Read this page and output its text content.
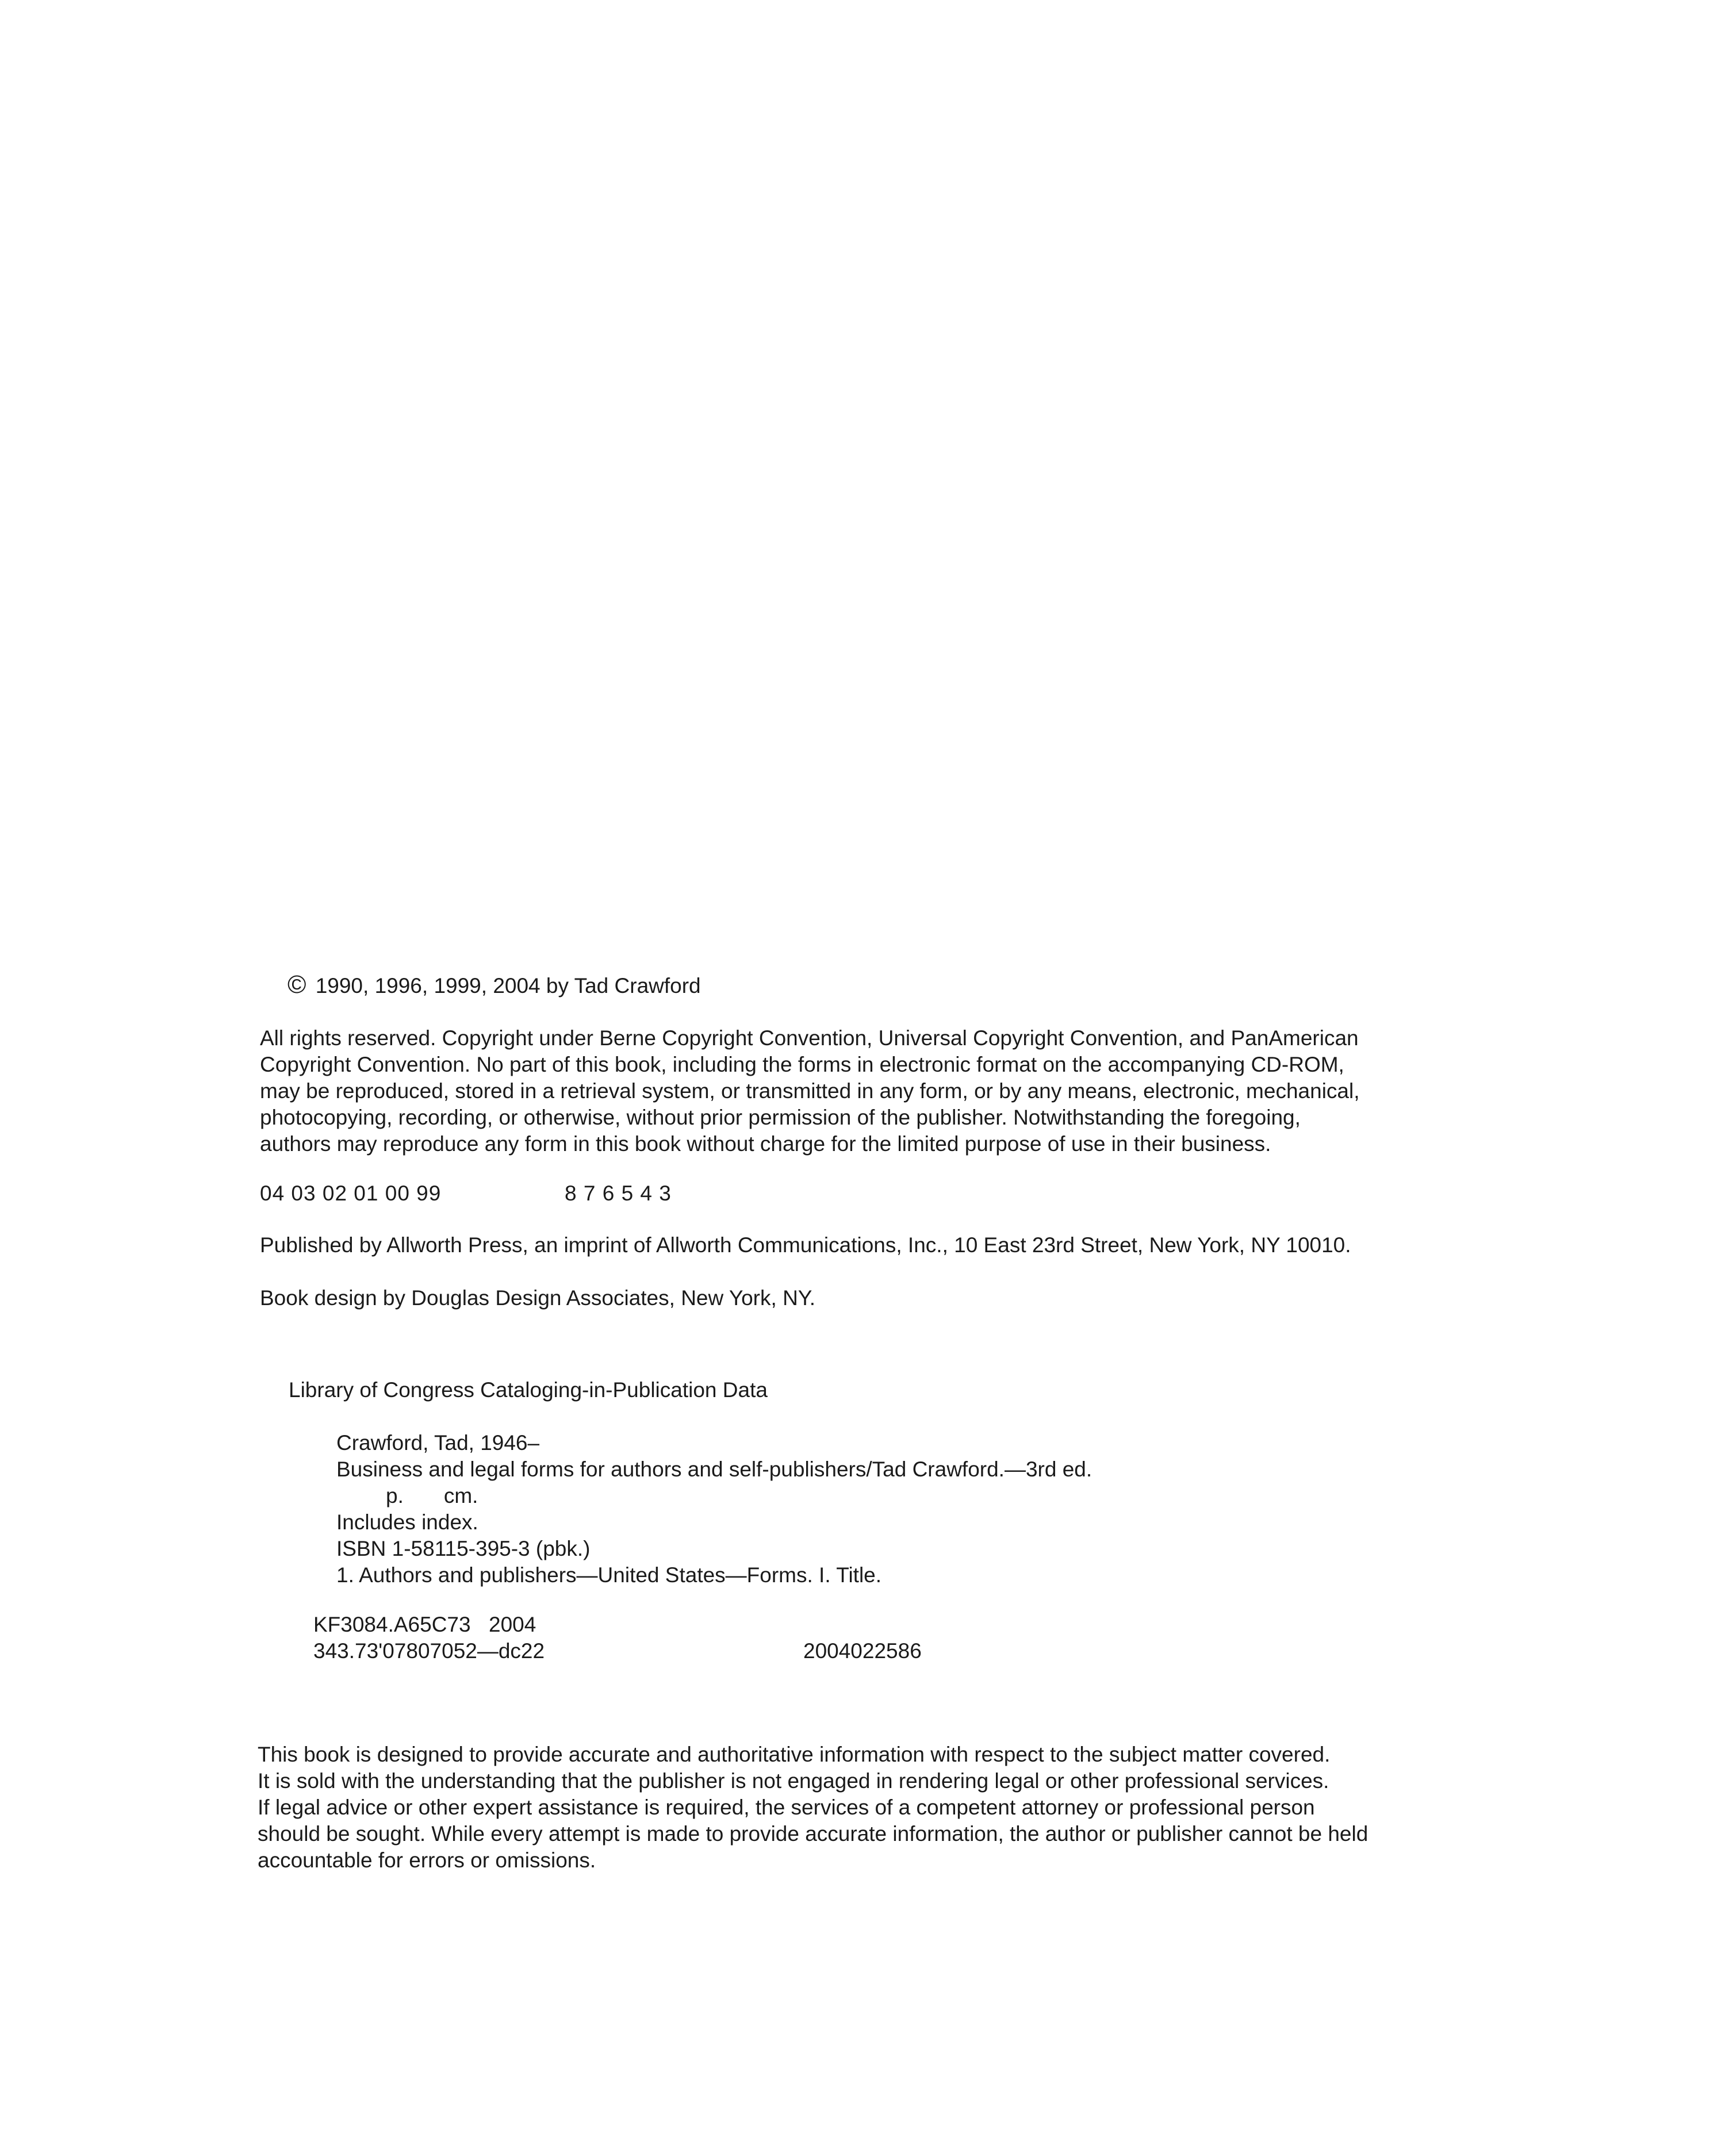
© 1990, 1996, 1999, 2004 by Tad Crawford

All rights reserved. Copyright under Berne Copyright Convention, Universal Copyright Convention, and PanAmerican
Copyright Convention. No part of this book, including the forms in electronic format on the accompanying CD-ROM,
may be reproduced, stored in a retrieval system, or transmitted in any form, or by any means, electronic, mechanical,
photocopying, recording, or otherwise, without prior permission of the publisher. Notwithstanding the foregoing,
authors may reproduce any form in this book without charge for the limited purpose of use in their business.

04 03 02 01 00 99	8 7 6 5 4 3

Published by Allworth Press, an imprint of Allworth Communications, Inc., 10 East 23rd Street, New York, NY 10010.

Book design by Douglas Design Associates, New York, NY.

Library of Congress Cataloging-in-Publication Data

Crawford, Tad, 1946–
Business and legal forms for authors and self-publishers/Tad Crawford.—3rd ed.
p. cm.
Includes index.
ISBN 1-58115-395-3 (pbk.)
1. Authors and publishers—United States—Forms. I. Title.
KF3084.A65C73 2004
343.73'07807052—dc22	2004022586

This book is designed to provide accurate and authoritative information with respect to the subject matter covered.
It is sold with the understanding that the publisher is not engaged in rendering legal or other professional services.
If legal advice or other expert assistance is required, the services of a competent attorney or professional person
should be sought. While every attempt is made to provide accurate information, the author or publisher cannot be held
accountable for errors or omissions.
